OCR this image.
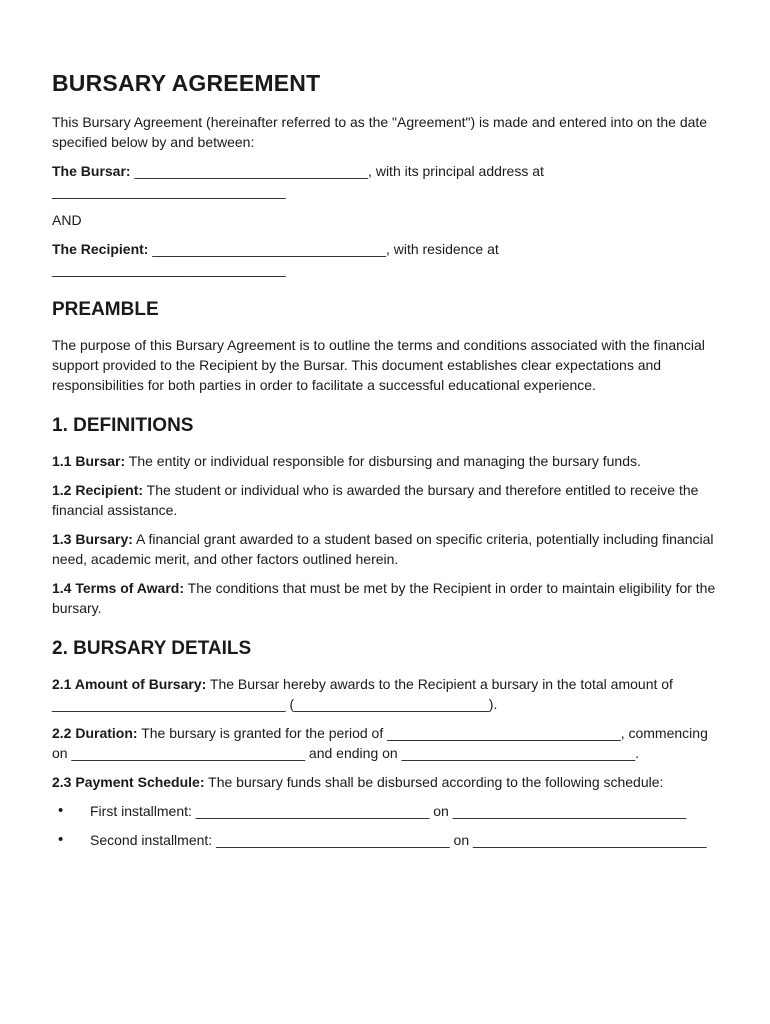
BURSARY AGREEMENT

This Bursary Agreement (hereinafter referred to as the "Agreement") is made and entered into on the date specified below by and between:

The Bursar: ______________________________, with its principal address at ______________________________

AND

The Recipient: ______________________________, with residence at ______________________________

PREAMBLE

The purpose of this Bursary Agreement is to outline the terms and conditions associated with the financial support provided to the Recipient by the Bursar. This document establishes clear expectations and responsibilities for both parties in order to facilitate a successful educational experience.

1. DEFINITIONS

1.1 Bursar: The entity or individual responsible for disbursing and managing the bursary funds.

1.2 Recipient: The student or individual who is awarded the bursary and therefore entitled to receive the financial assistance.

1.3 Bursary: A financial grant awarded to a student based on specific criteria, potentially including financial need, academic merit, and other factors outlined herein.

1.4 Terms of Award: The conditions that must be met by the Recipient in order to maintain eligibility for the bursary.

2. BURSARY DETAILS

2.1 Amount of Bursary: The Bursar hereby awards to the Recipient a bursary in the total amount of ______________________________ (_________________________).

2.2 Duration: The bursary is granted for the period of ______________________________, commencing on ______________________________ and ending on ______________________________.

2.3 Payment Schedule: The bursary funds shall be disbursed according to the following schedule:

• First installment: ______________________________ on ______________________________
• Second installment: ______________________________ on ______________________________
